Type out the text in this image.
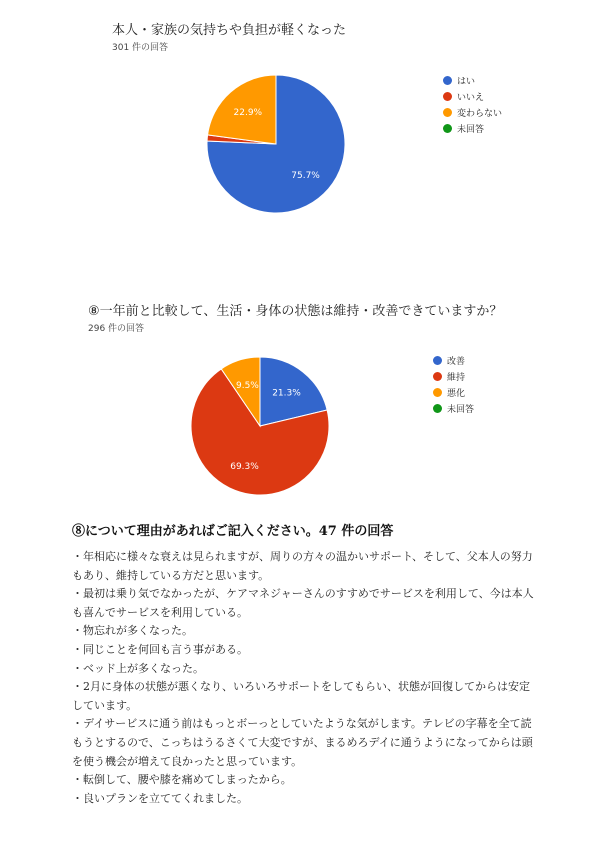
本人・家族の気持ちや負担が軽くなった
301 件の回答
75.7%
22.9%
はい
いいえ
変わらない
未回答
⑧一年前と比較して、生活・身体の状態は維持・改善できていますか？
296 件の回答
21.3%
69.3%
9.5%
改善
維持
悪化
未回答
⑧について理由があればご記入ください。47 件の回答

・年相応に様々な衰えは見られますが、周りの方々の温かいサポート、そして、父本人の努力もあり、維持している方だと思います。

・最初は乗り気でなかったが、ケアマネジャーさんのすすめでサービスを利用して、今は本人も喜んでサービスを利用している。

・物忘れが多くなった。

・同じことを何回も言う事がある。

・ベッド上が多くなった。

・2月に身体の状態が悪くなり、いろいろサポートをしてもらい、状態が回復してからは安定しています。

・デイサービスに通う前はもっとボーっとしていたような気がします。テレビの字幕を全て読もうとするので、こっちはうるさくて大変ですが、まるめろデイに通うようになってからは頭を使う機会が増えて良かったと思っています。

・転倒して、腰や膝を痛めてしまったから。

・良いプランを立ててくれました。
